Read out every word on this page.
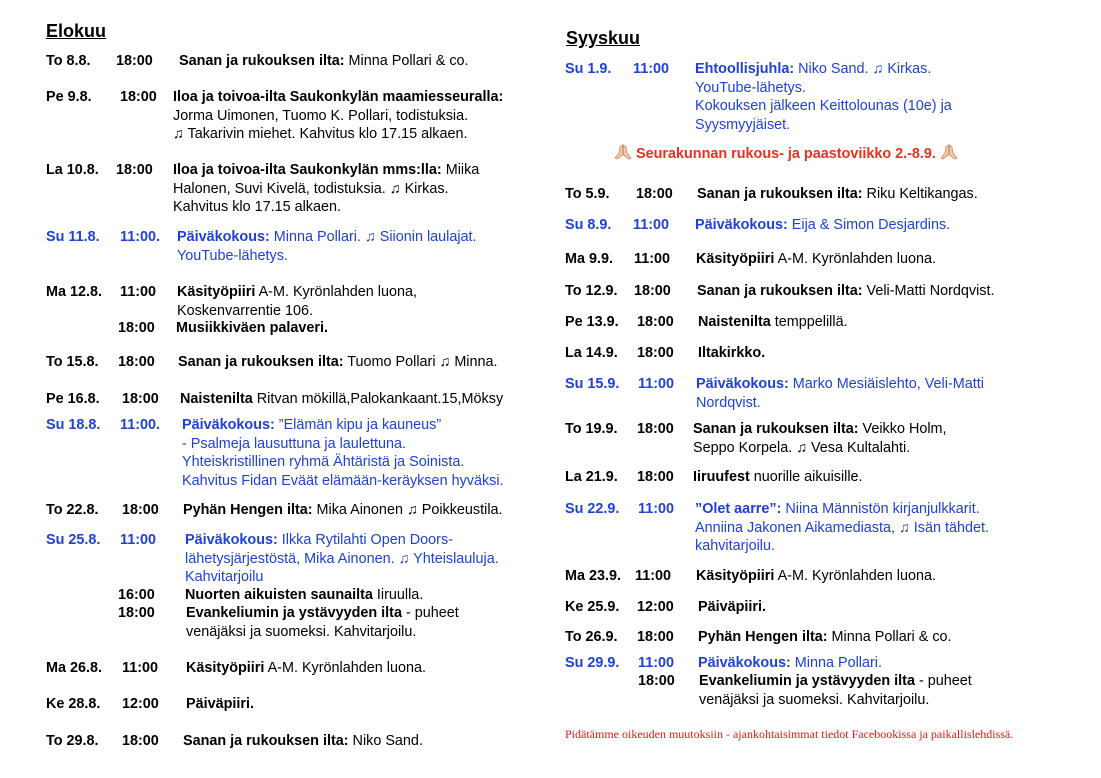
Elokuu	Syyskuu
To 8.8. 18:00 Sanan ja rukouksen ilta: Minna Pollari & co.
Pe 9.8. 18:00 Iloa ja toivoa-ilta Saukonkylän maamiesseuralla:
Jorma Uimonen, Tuomo K. Pollari, todistuksia.
♫ Takarivin miehet. Kahvitus klo 17.15 alkaen.
La 10.8. 18:00 Iloa ja toivoa-ilta Saukonkylän mms:lla: Miika
Halonen, Suvi Kivelä, todistuksia. ♫ Kirkas.
Kahvitus klo 17.15 alkaen.
Su 11.8. 11:00. Päiväkokous: Minna Pollari. ♫ Siionin laulajat.
YouTube-lähetys.
Ma 12.8. 11:00 Käsityöpiiri A-M. Kyrönlahden luona,
Koskenvarrentie 106.
18:00 Musiikkiväen palaveri.
To 15.8. 18:00 Sanan ja rukouksen ilta: Tuomo Pollari ♫ Minna.
Pe 16.8. 18:00 Naistenilta Ritvan mökillä,Palokankaant.15,Möksy
Su 18.8. 11:00. Päiväkokous: ”Elämän kipu ja kauneus”
- Psalmeja lausuttuna ja laulettuna.
Yhteiskristillinen ryhmä Ähtäristä ja Soinista.
Kahvitus Fidan Eväät elämään-keräyksen hyväksi.
To 22.8. 18:00 Pyhän Hengen ilta: Mika Ainonen ♫ Poikkeustila.
Su 25.8. 11:00 Päiväkokous: Ilkka Rytilahti Open Doors-
lähetysjärjestöstä, Mika Ainonen. ♫ Yhteislauluja.
Kahvitarjoilu
16:00 Nuorten aikuisten saunailta Iiruulla.
18:00 Evankeliumin ja ystävyyden ilta - puheet
venäjäksi ja suomeksi. Kahvitarjoilu.
Ma 26.8. 11:00 Käsityöpiiri A-M. Kyrönlahden luona.
Ke 28.8. 12:00 Päiväpiiri.
To 29.8. 18:00 Sanan ja rukouksen ilta: Niko Sand.
Su 1.9. 11:00 Ehtoollisjuhla: Niko Sand. ♫ Kirkas.
YouTube-lähetys.
Kokouksen jälkeen Keittolounas (10e) ja
Syysmyyjäiset.
To 5.9. 18:00 Sanan ja rukouksen ilta: Riku Keltikangas.
Su 8.9. 11:00 Päiväkokous: Eija & Simon Desjardins.
Ma 9.9. 11:00 Käsityöpiiri A-M. Kyrönlahden luona.
To 12.9. 18:00 Sanan ja rukouksen ilta: Veli-Matti Nordqvist.
Pe 13.9. 18:00 Naistenilta temppelillä.
La 14.9. 18:00 Iltakirkko.
Su 15.9. 11:00 Päiväkokous: Marko Mesiäislehto, Veli-Matti
Nordqvist.
To 19.9. 18:00 Sanan ja rukouksen ilta: Veikko Holm,
Seppo Korpela. ♫ Vesa Kultalahti.
La 21.9. 18:00 Iiruufest nuorille aikuisille.
Su 22.9. 11:00 ”Olet aarre”: Niina Männistön kirjanjulkkarit.
Anniina Jakonen Aikamediasta, ♫ Isän tähdet.
kahvitarjoilu.
Ma 23.9. 11:00 Käsityöpiiri A-M. Kyrönlahden luona.
Ke 25.9. 12:00 Päiväpiiri.
To 26.9. 18:00 Pyhän Hengen ilta: Minna Pollari & co.
Su 29.9. 11:00 Päiväkokous: Minna Pollari.
18:00 Evankeliumin ja ystävyyden ilta - puheet
venäjäksi ja suomeksi. Kahvitarjoilu.
Seurakunnan rukous- ja paastoviikko 2.-8.9.
Pidätämme oikeuden muutoksiin - ajankohtaisimmat tiedot Facebookissa ja paikallislehdissä.
